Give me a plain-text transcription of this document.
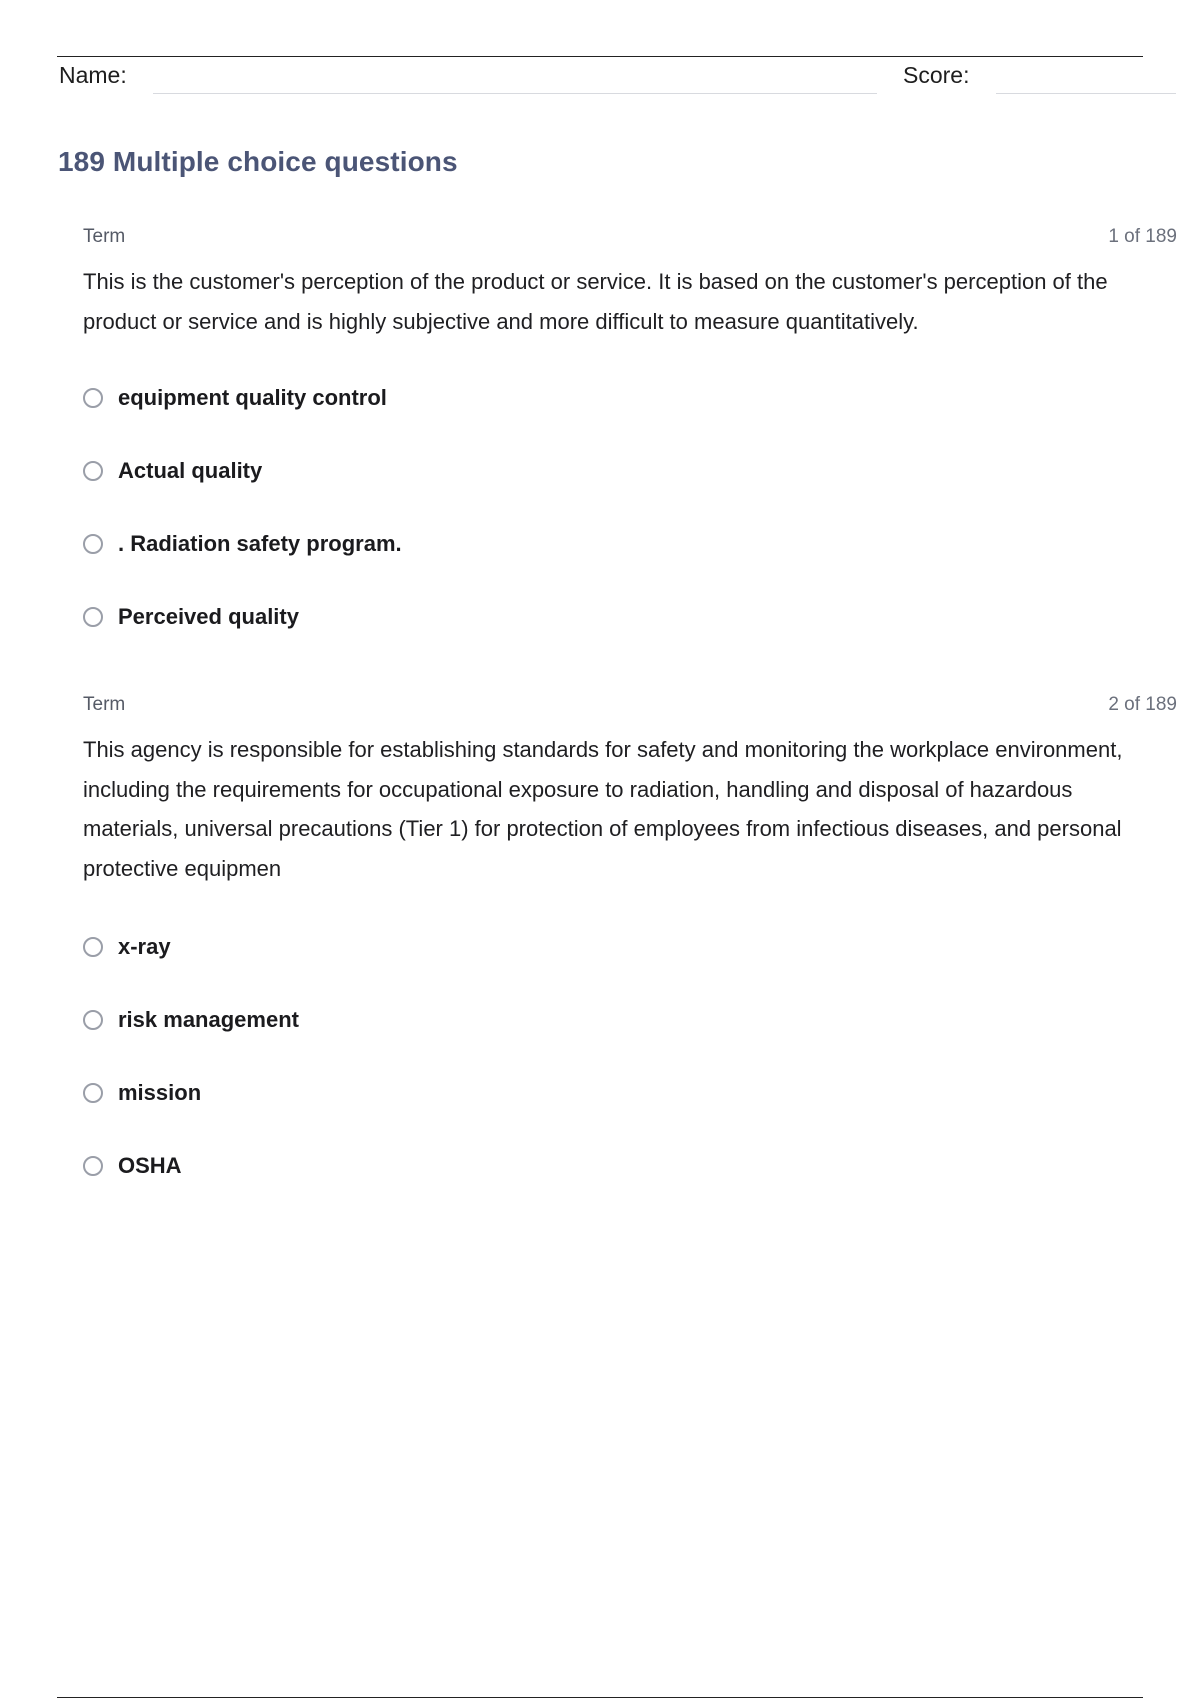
Name:	Score:
189 Multiple choice questions
Term	1 of 189

This is the customer's perception of the product or service. It is based on the customer's perception of the product or service and is highly subjective and more difficult to measure quantitatively.

equipment quality control
Actual quality
. Radiation safety program.
Perceived quality
Term	2 of 189

This agency is responsible for establishing standards for safety and monitoring the workplace environment, including the requirements for occupational exposure to radiation, handling and disposal of hazardous materials, universal precautions (Tier 1) for protection of employees from infectious diseases, and personal protective equipmen

x-ray
risk management
mission
OSHA
